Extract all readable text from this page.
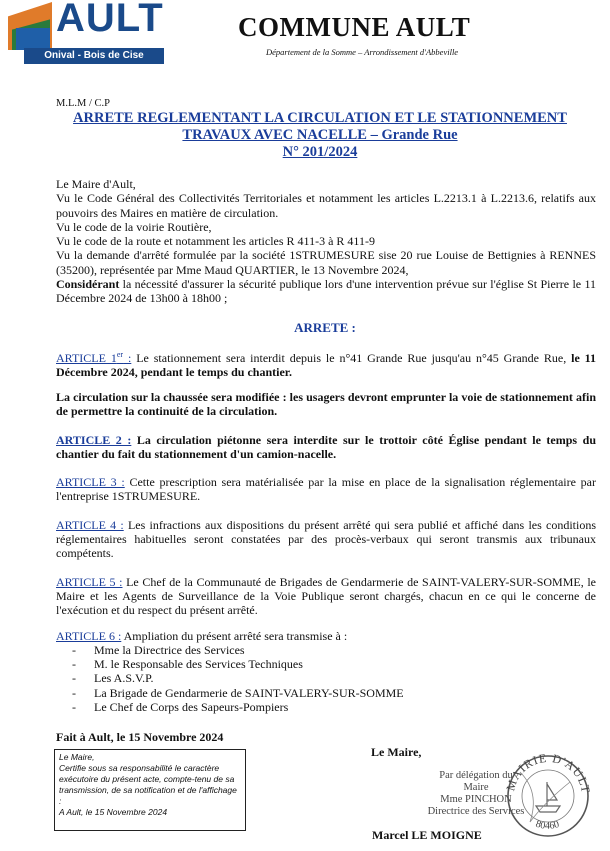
AULT
Onival - Bois de Cise
COMMUNE AULT
Département de la Somme – Arrondissement d'Abbeville
M.L.M / C.P
ARRETE REGLEMENTANT LA CIRCULATION ET LE STATIONNEMENT
TRAVAUX AVEC NACELLE – Grande Rue
N° 201/2024

Le Maire d'Ault,

Vu le Code Général des Collectivités Territoriales et notamment les articles L.2213.1 à L.2213.6, relatifs aux pouvoirs des Maires en matière de circulation.

Vu le code de la voirie Routière,

Vu le code de la route et notamment les articles R 411-3 à R 411-9

Vu la demande d'arrêté formulée par la société 1STRUMESURE sise 20 rue Louise de Bettignies à RENNES (35200), représentée par Mme Maud QUARTIER, le 13 Novembre 2024,

Considérant la nécessité d'assurer la sécurité publique lors d'une intervention prévue sur l'église St Pierre le 11 Décembre 2024 de 13h00 à 18h00 ;

ARRETE :
ARTICLE 1er : Le stationnement sera interdit depuis le n°41 Grande Rue jusqu'au n°45 Grande Rue, le 11 Décembre 2024, pendant le temps du chantier.
La circulation sur la chaussée sera modifiée : les usagers devront emprunter la voie de stationnement afin de permettre la continuité de la circulation.
ARTICLE 2 : La circulation piétonne sera interdite sur le trottoir côté Église pendant le temps du chantier du fait du stationnement d'un camion-nacelle.
ARTICLE 3 : Cette prescription sera matérialisée par la mise en place de la signalisation réglementaire par l'entreprise 1STRUMESURE.
ARTICLE 4 : Les infractions aux dispositions du présent arrêté qui sera publié et affiché dans les conditions réglementaires habituelles seront constatées par des procès-verbaux qui seront transmis aux tribunaux compétents.
ARTICLE 5 : Le Chef de la Communauté de Brigades de Gendarmerie de SAINT-VALERY-SUR-SOMME, le Maire et les Agents de Surveillance de la Voie Publique seront chargés, chacun en ce qui le concerne de l'exécution et du respect du présent arrêté.
ARTICLE 6 : Ampliation du présent arrêté sera transmise à :
- Mme la Directrice des Services
- M. le Responsable des Services Techniques
- Les A.S.V.P.
- La Brigade de Gendarmerie de SAINT-VALERY-SUR-SOMME
- Le Chef de Corps des Sapeurs-Pompiers
Fait à Ault, le 15 Novembre 2024

Le Maire,

Certifie sous sa responsabilité le caractère exécutoire du présent acte, compte-tenu de sa transmission, de sa notification et de l'affichage :

A Ault, le 15 Novembre 2024

Le Maire,
Par délégation du Maire
Mme PINCHON
Directrice des Services
MAIRIE D'AULT
80460
Marcel LE MOIGNE
